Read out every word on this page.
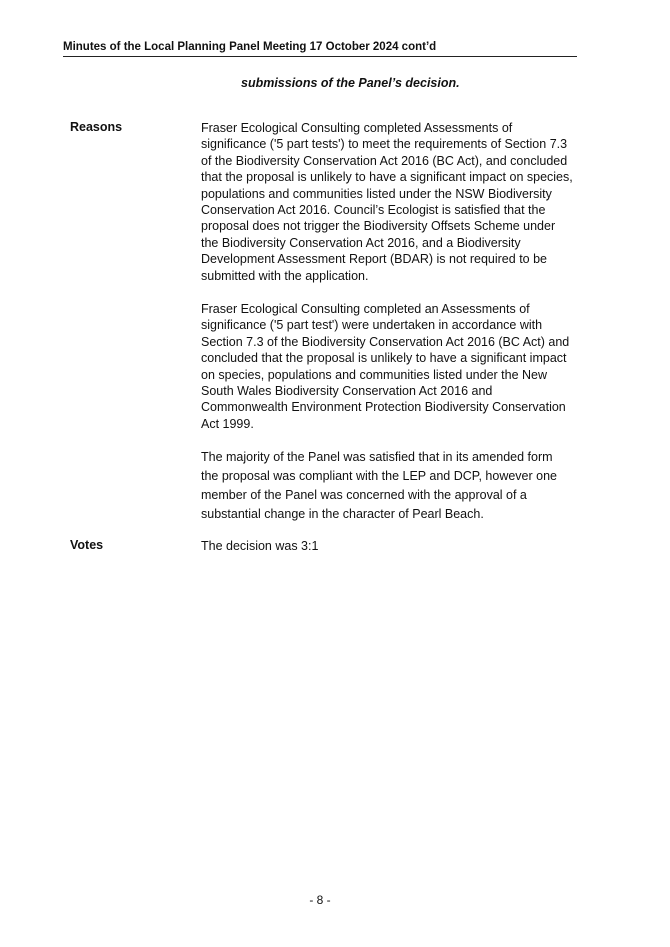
Minutes of the Local Planning Panel Meeting 17 October 2024 cont’d
submissions of the Panel’s decision.
Reasons	Fraser Ecological Consulting completed Assessments of significance ('5 part tests') to meet the requirements of Section 7.3 of the Biodiversity Conservation Act 2016 (BC Act), and concluded that the proposal is unlikely to have a significant impact on species, populations and communities listed under the NSW Biodiversity Conservation Act 2016. Council’s Ecologist is satisfied that the proposal does not trigger the Biodiversity Offsets Scheme under the Biodiversity Conservation Act 2016, and a Biodiversity Development Assessment Report (BDAR) is not required to be submitted with the application.

Fraser Ecological Consulting completed an Assessments of significance ('5 part test') were undertaken in accordance with Section 7.3 of the Biodiversity Conservation Act 2016 (BC Act) and concluded that the proposal is unlikely to have a significant impact on species, populations and communities listed under the New South Wales Biodiversity Conservation Act 2016 and Commonwealth Environment Protection Biodiversity Conservation Act 1999.

The majority of the Panel was satisfied that in its amended form the proposal was compliant with the LEP and DCP, however one member of the Panel was concerned with the approval of a substantial change in the character of Pearl Beach.

Votes	The decision was 3:1

- 8 -
